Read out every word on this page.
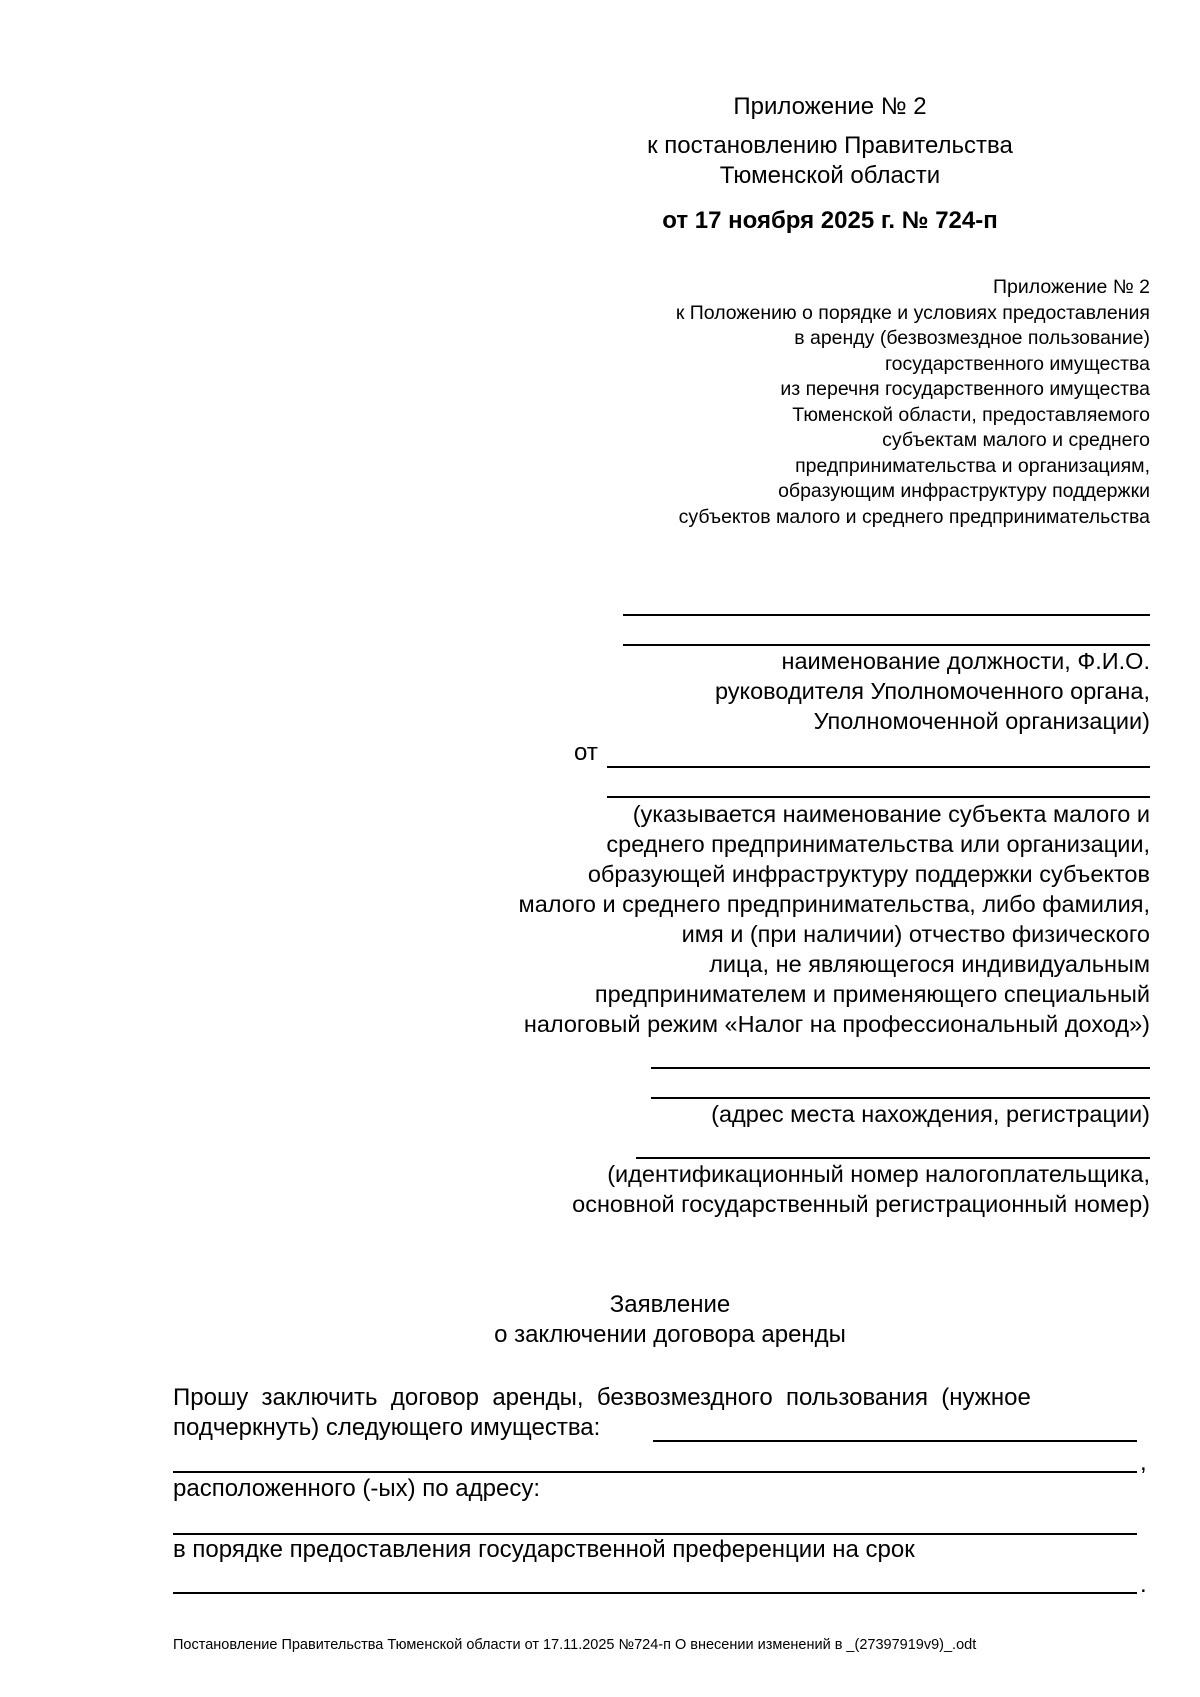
Приложение № 2
к постановлению Правительства
Тюменской области
от 17 ноября 2025 г. № 724-п
Приложение № 2
к Положению о порядке и условиях предоставления
в аренду (безвозмездное пользование)
государственного имущества
из перечня государственного имущества
Тюменской области, предоставляемого
субъектам малого и среднего
предпринимательства и организациям,
образующим инфраструктуру поддержки
субъектов малого и среднего предпринимательства
наименование должности, Ф.И.О.
руководителя Уполномоченного органа,
Уполномоченной организации)
от
(указывается наименование субъекта малого и
среднего предпринимательства или организации,
образующей инфраструктуру поддержки субъектов
малого и среднего предпринимательства, либо фамилия,
имя и (при наличии) отчество физического
лица, не являющегося индивидуальным
предпринимателем и применяющего специальный
налоговый режим «Налог на профессиональный доход»)
(адрес места нахождения, регистрации)
(идентификационный номер налогоплательщика,
основной государственный регистрационный номер)
Заявление
о заключении договора аренды
Прошу  заключить  договор  аренды,  безвозмездного  пользования  (нужное
подчеркнуть) следующего имущества:
,
расположенного (-ых) по адресу:
в порядке предоставления государственной преференции на срок
.
Постановление Правительства Тюменской области от 17.11.2025 №724-п О внесении изменений в _(27397919v9)_.odt
